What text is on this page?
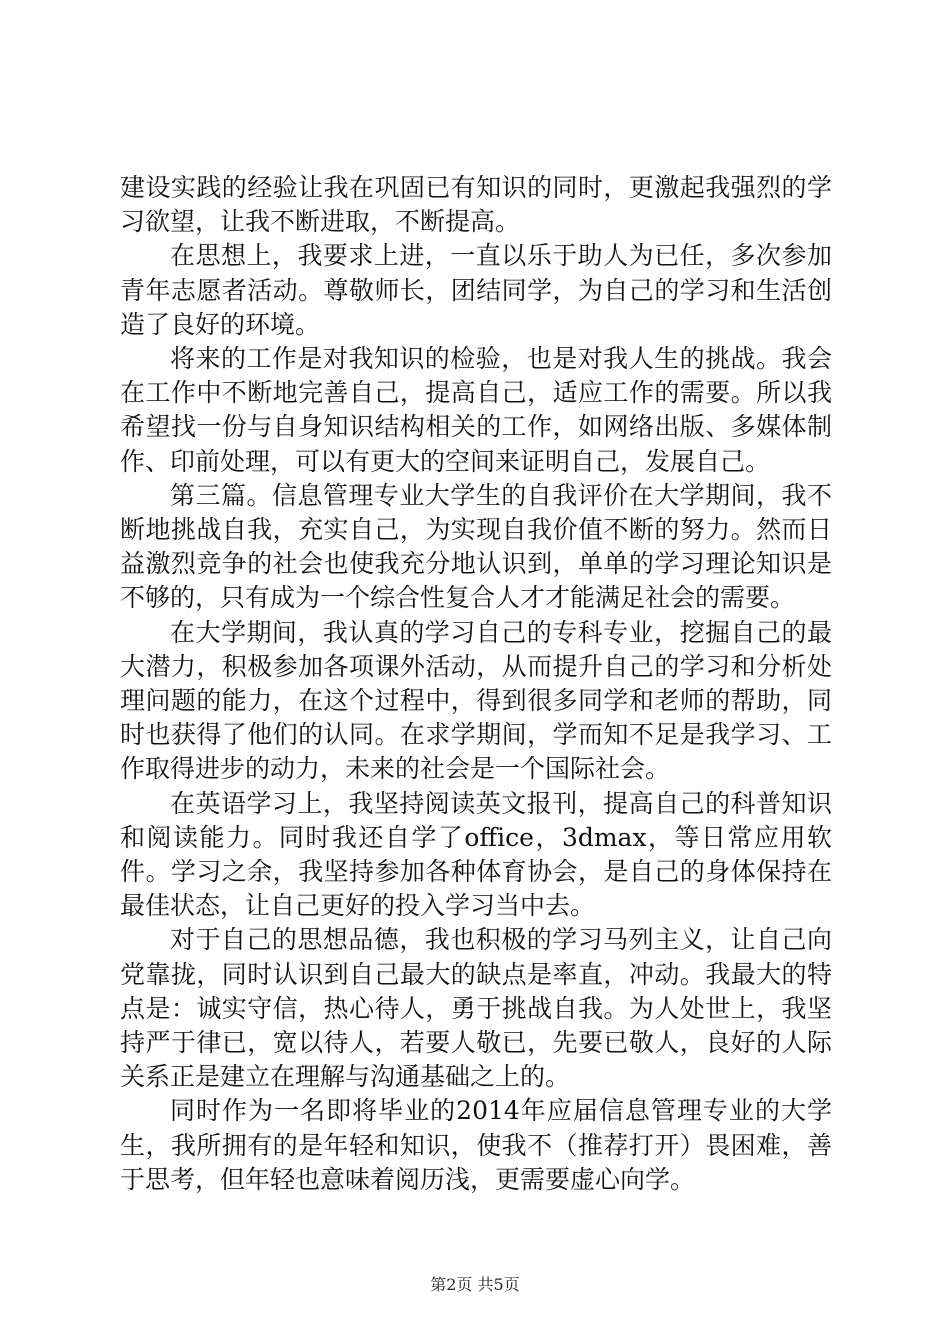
建设实践的经验让我在巩固已有知识的同时，更激起我强烈的学习欲望，让我不断进取，不断提高。

在思想上，我要求上进，一直以乐于助人为已任，多次参加青年志愿者活动。尊敬师长，团结同学，为自己的学习和生活创造了良好的环境。

将来的工作是对我知识的检验，也是对我人生的挑战。我会在工作中不断地完善自己，提高自己，适应工作的需要。所以我希望找一份与自身知识结构相关的工作，如网络出版、多媒体制作、印前处理，可以有更大的空间来证明自己，发展自己。

第三篇。信息管理专业大学生的自我评价在大学期间，我不断地挑战自我，充实自己，为实现自我价值不断的努力。然而日益激烈竞争的社会也使我充分地认识到，单单的学习理论知识是不够的，只有成为一个综合性复合人才才能满足社会的需要。

在大学期间，我认真的学习自己的专科专业，挖掘自己的最大潜力，积极参加各项课外活动，从而提升自己的学习和分析处理问题的能力，在这个过程中，得到很多同学和老师的帮助，同时也获得了他们的认同。在求学期间，学而知不足是我学习、工作取得进步的动力，未来的社会是一个国际社会。

在英语学习上，我坚持阅读英文报刊，提高自己的科普知识和阅读能力。同时我还自学了office，3dmax，等日常应用软件。学习之余，我坚持参加各种体育协会，是自己的身体保持在最佳状态，让自己更好的投入学习当中去。

对于自己的思想品德，我也积极的学习马列主义，让自己向党靠拢，同时认识到自己最大的缺点是率直，冲动。我最大的特点是：诚实守信，热心待人，勇于挑战自我。为人处世上，我坚持严于律已，宽以待人，若要人敬已，先要已敬人，良好的人际关系正是建立在理解与沟通基础之上的。

同时作为一名即将毕业的2014年应届信息管理专业的大学生，我所拥有的是年轻和知识，使我不（推荐打开）畏困难，善于思考，但年轻也意味着阅历浅，更需要虚心向学。

第2页 共5页
